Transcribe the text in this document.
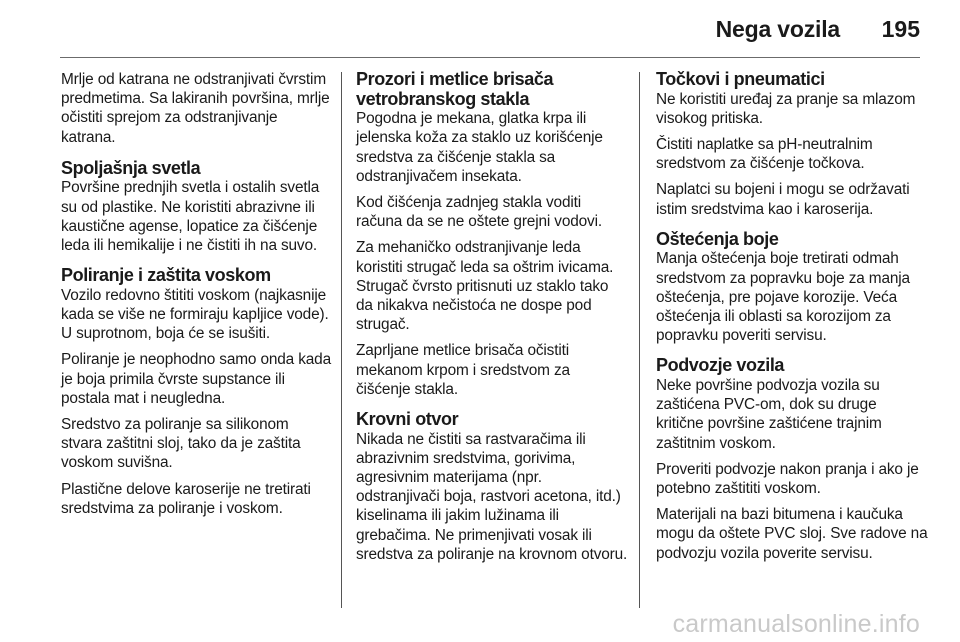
Nega vozila 195

Mrlje od katrana ne odstranjivati čvrstim predmetima. Sa lakiranih površina, mrlje očistiti sprejom za odstranjivanje katrana.

Spoljašnja svetla

Površine prednjih svetla i ostalih svetla su od plastike. Ne koristiti abrazivne ili kaustične agense, lopatice za čišćenje leda ili hemikalije i ne čistiti ih na suvo.

Poliranje i zaštita voskom

Vozilo redovno štititi voskom (najkasnije kada se više ne formiraju kapljice vode). U suprotnom, boja će se isušiti.

Poliranje je neophodno samo onda kada je boja primila čvrste supstance ili postala mat i neugledna.

Sredstvo za poliranje sa silikonom stvara zaštitni sloj, tako da je zaštita voskom suvišna.

Plastične delove karoserije ne tretirati sredstvima za poliranje i voskom.

Prozori i metlice brisača vetrobranskog stakla

Pogodna je mekana, glatka krpa ili jelenska koža za staklo uz korišćenje sredstva za čišćenje stakla sa odstranjivačem insekata.

Kod čišćenja zadnjeg stakla voditi računa da se ne oštete grejni vodovi.

Za mehaničko odstranjivanje leda koristiti strugač leda sa oštrim ivicama. Strugač čvrsto pritisnuti uz staklo tako da nikakva nečistoća ne dospe pod strugač.

Zaprljane metlice brisača očistiti mekanom krpom i sredstvom za čišćenje stakla.

Krovni otvor

Nikada ne čistiti sa rastvaračima ili abrazivnim sredstvima, gorivima, agresivnim materijama (npr. odstranjivači boja, rastvori acetona, itd.) kiselinama ili jakim lužinama ili grebačima. Ne primenjivati vosak ili sredstva za poliranje na krovnom otvoru.

Točkovi i pneumatici

Ne koristiti uređaj za pranje sa mlazom visokog pritiska.

Čistiti naplatke sa pH-neutralnim sredstvom za čišćenje točkova.

Naplatci su bojeni i mogu se održavati istim sredstvima kao i karoserija.

Oštećenja boje

Manja oštećenja boje tretirati odmah sredstvom za popravku boje za manja oštećenja, pre pojave korozije. Veća oštećenja ili oblasti sa korozijom za popravku poveriti servisu.

Podvozje vozila

Neke površine podvozja vozila su zaštićena PVC-om, dok su druge kritične površine zaštićene trajnim zaštitnim voskom.

Proveriti podvozje nakon pranja i ako je potebno zaštititi voskom.

Materijali na bazi bitumena i kaučuka mogu da oštete PVC sloj. Sve radove na podvozju vozila poverite servisu.

carmanualsonline.info
